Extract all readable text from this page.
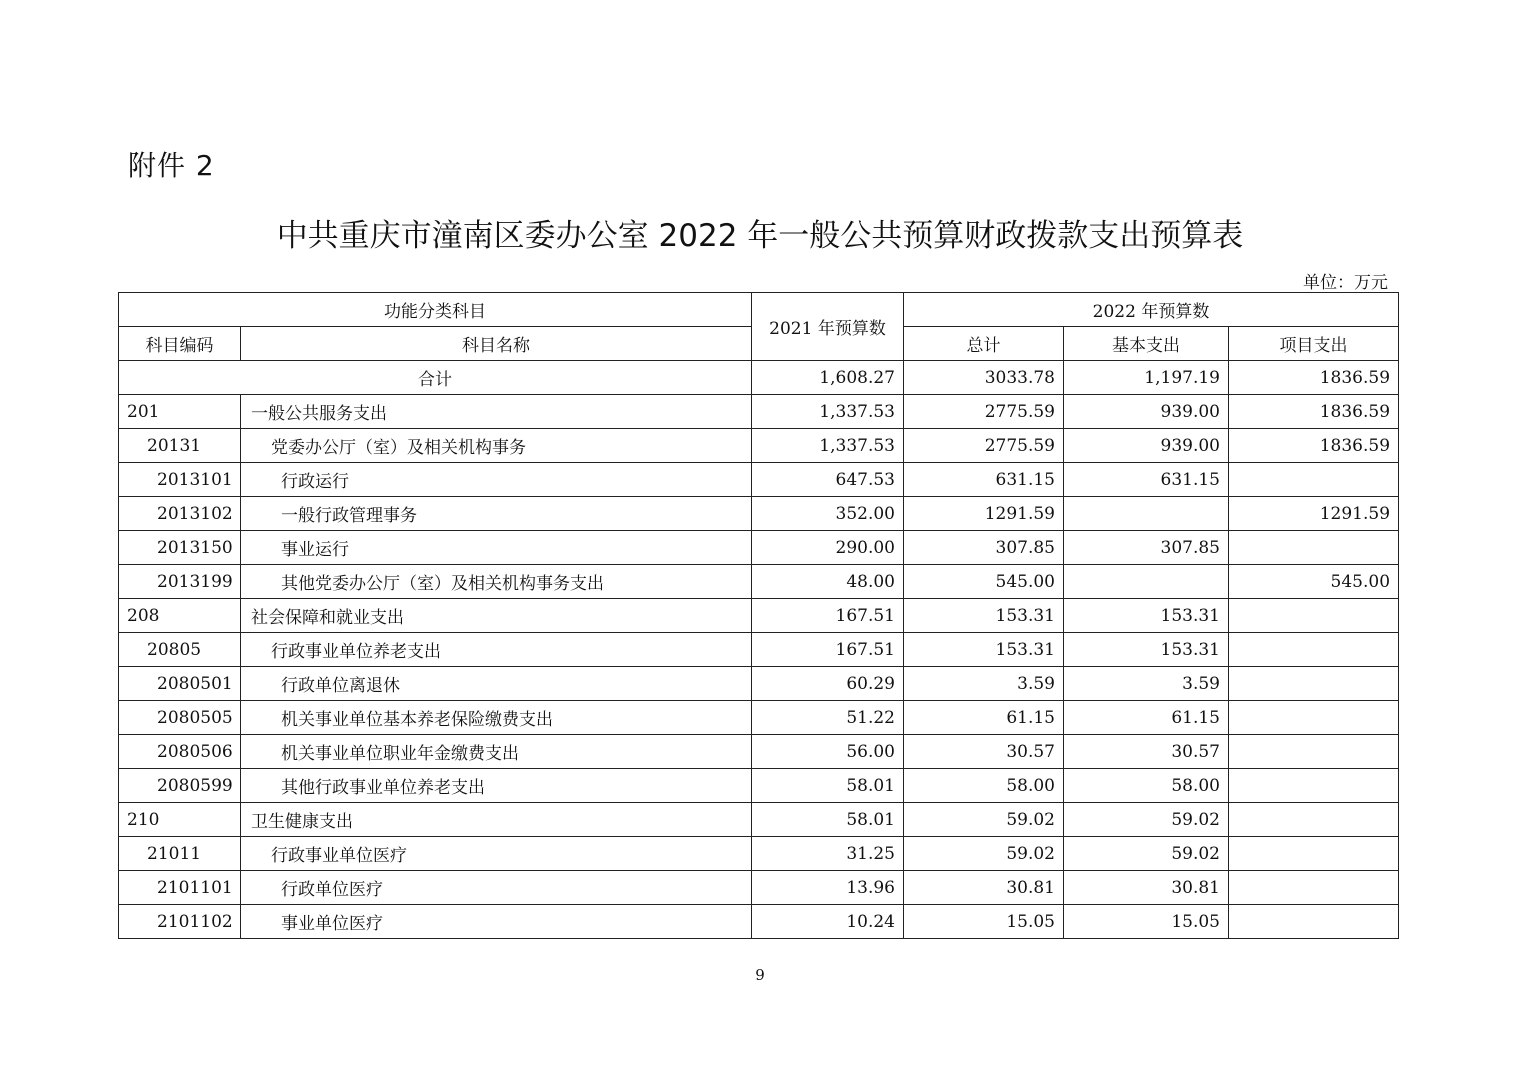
附件 2
中共重庆市潼南区委办公室 2022 年一般公共预算财政拨款支出预算表
单位：万元
功能分类科目		2021 年预算数	2022 年预算数		
科目编码	科目名称		总计	基本支出	项目支出
合计		1,608.27	3033.78	1,197.19	1836.59
201	一般公共服务支出	1,337.53	2775.59	939.00	1836.59
20131	党委办公厅（室）及相关机构事务	1,337.53	2775.59	939.00	1836.59
2013101	行政运行	647.53	631.15	631.15	
2013102	一般行政管理事务	352.00	1291.59		1291.59
2013150	事业运行	290.00	307.85	307.85	
2013199	其他党委办公厅（室）及相关机构事务支出	48.00	545.00		545.00
208	社会保障和就业支出	167.51	153.31	153.31	
20805	行政事业单位养老支出	167.51	153.31	153.31	
2080501	行政单位离退休	60.29	3.59	3.59	
2080505	机关事业单位基本养老保险缴费支出	51.22	61.15	61.15	
2080506	机关事业单位职业年金缴费支出	56.00	30.57	30.57	
2080599	其他行政事业单位养老支出	58.01	58.00	58.00	
210	卫生健康支出	58.01	59.02	59.02	
21011	行政事业单位医疗	31.25	59.02	59.02	
2101101	行政单位医疗	13.96	30.81	30.81	
2101102	事业单位医疗	10.24	15.05	15.05	
9
